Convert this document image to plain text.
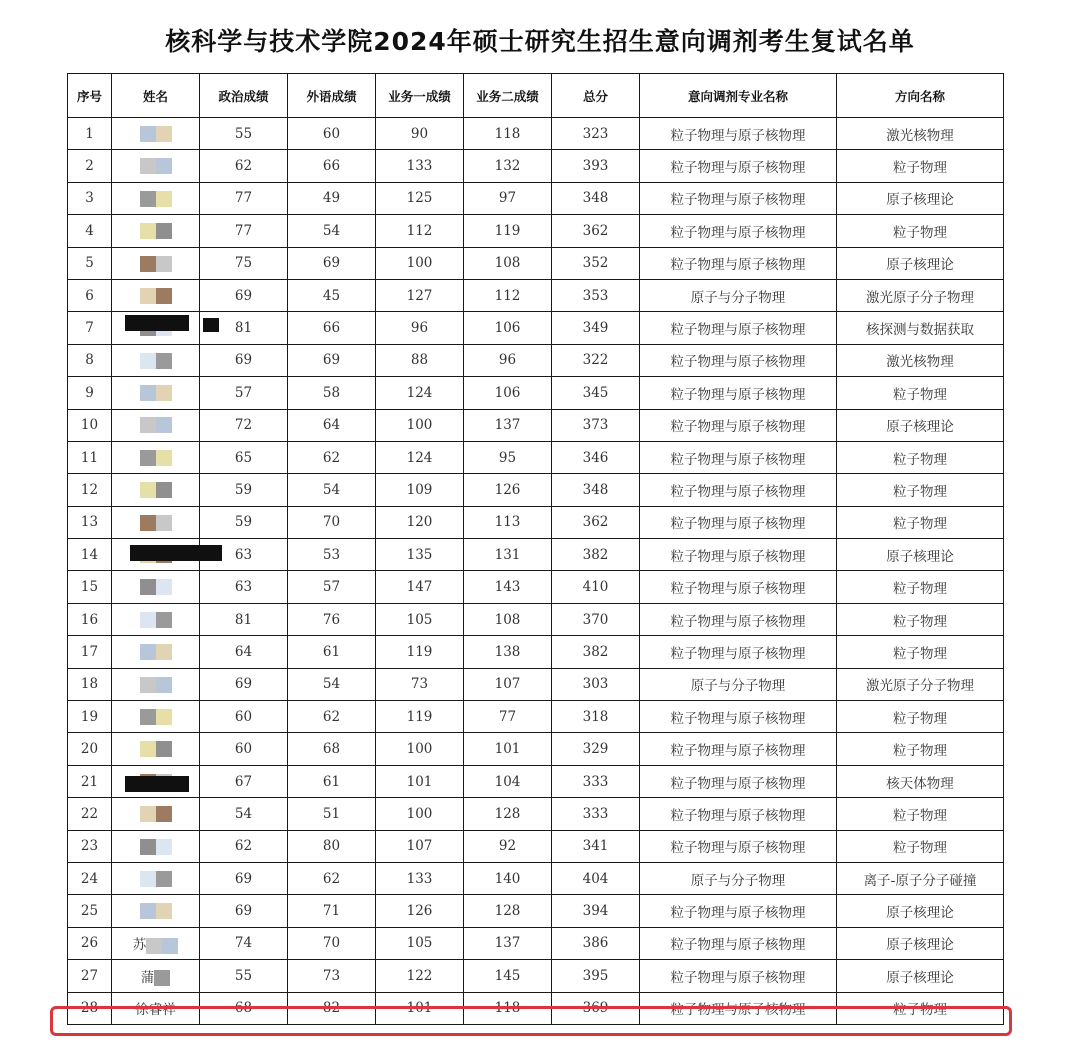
核科学与技术学院2024年硕士研究生招生意向调剂考生复试名单
序号	姓名	政治成绩	外语成绩	业务一成绩	业务二成绩	总分	意向调剂专业名称	方向名称
1		55	60	90	118	323	粒子物理与原子核物理	激光核物理
2		62	66	133	132	393	粒子物理与原子核物理	粒子物理
3		77	49	125	97	348	粒子物理与原子核物理	原子核理论
4		77	54	112	119	362	粒子物理与原子核物理	粒子物理
5		75	69	100	108	352	粒子物理与原子核物理	原子核理论
6		69	45	127	112	353	原子与分子物理	激光原子分子物理
7		81	66	96	106	349	粒子物理与原子核物理	核探测与数据获取
8		69	69	88	96	322	粒子物理与原子核物理	激光核物理
9		57	58	124	106	345	粒子物理与原子核物理	粒子物理
10		72	64	100	137	373	粒子物理与原子核物理	原子核理论
11		65	62	124	95	346	粒子物理与原子核物理	粒子物理
12		59	54	109	126	348	粒子物理与原子核物理	粒子物理
13		59	70	120	113	362	粒子物理与原子核物理	粒子物理
14		63	53	135	131	382	粒子物理与原子核物理	原子核理论
15		63	57	147	143	410	粒子物理与原子核物理	粒子物理
16		81	76	105	108	370	粒子物理与原子核物理	粒子物理
17		64	61	119	138	382	粒子物理与原子核物理	粒子物理
18		69	54	73	107	303	原子与分子物理	激光原子分子物理
19		60	62	119	77	318	粒子物理与原子核物理	粒子物理
20		60	68	100	101	329	粒子物理与原子核物理	粒子物理
21		67	61	101	104	333	粒子物理与原子核物理	核天体物理
22		54	51	100	128	333	粒子物理与原子核物理	粒子物理
23		62	80	107	92	341	粒子物理与原子核物理	粒子物理
24		69	62	133	140	404	原子与分子物理	离子-原子分子碰撞
25		69	71	126	128	394	粒子物理与原子核物理	原子核理论
26	苏	74	70	105	137	386	粒子物理与原子核物理	原子核理论
27	蒲	55	73	122	145	395	粒子物理与原子核物理	原子核理论
28	徐睿祥	68	82	101	118	369	粒子物理与原子核物理	粒子物理
